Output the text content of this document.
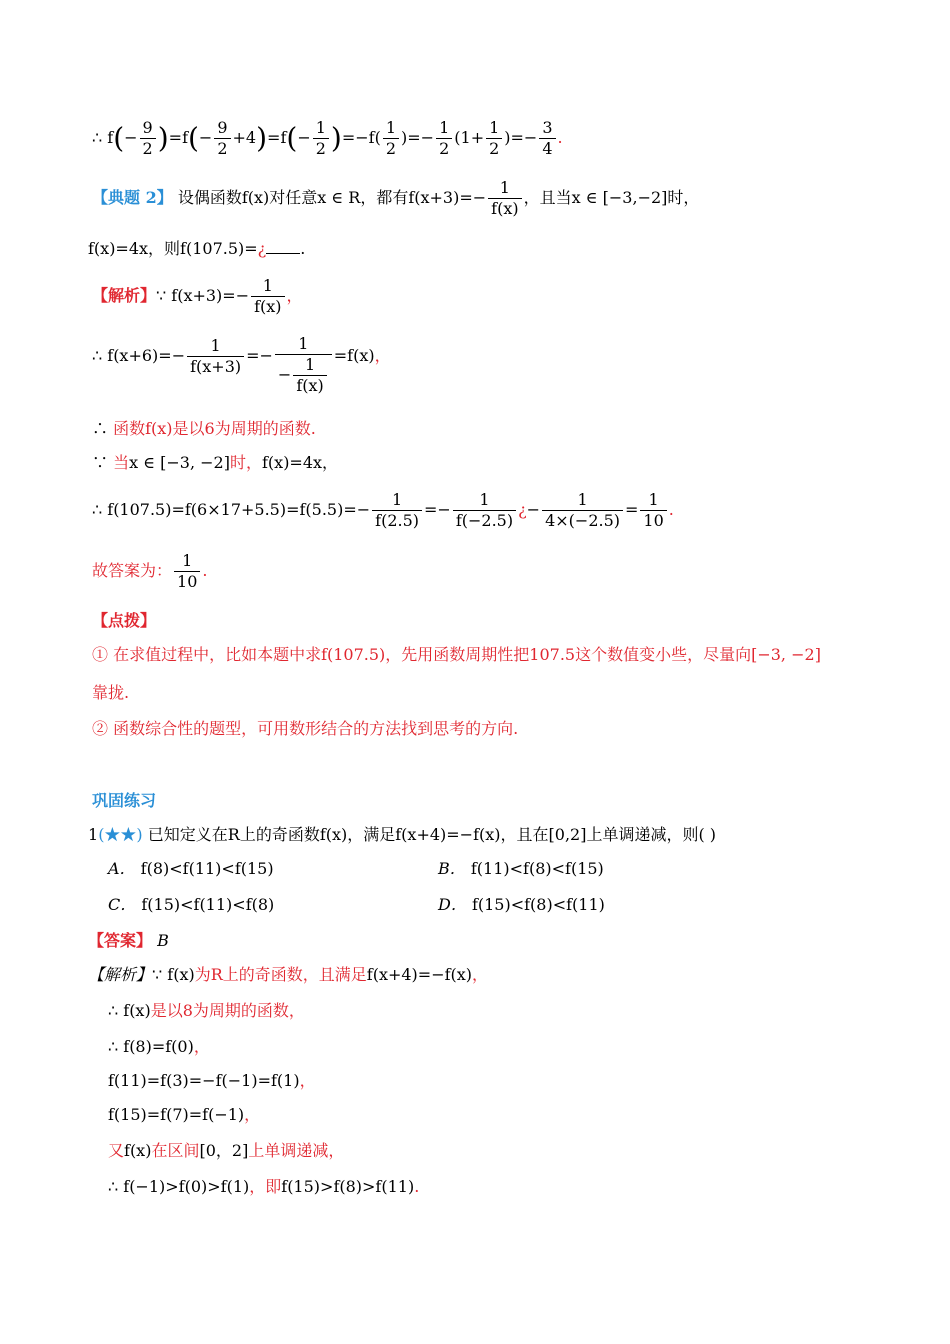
∴ $f(- \frac{9}{2} )=f(- \frac{9}{2} +4)=f(- \frac{1}{2} )=-f( \frac{1}{2}$ )=− $\frac{1}{2} (1+ \frac{1}{2}$ )=− $\frac{3}{4}$ .
【典题 2】 设偶函数f(x)对任意x ∈ R，都有$f(x+3)=- \frac{1}{f(x)}$ ，且当x ∈ [−3,−2]时，
f(x)=4x，则f(107.5)=¿ .
【解析】∵ $f(x+3)=- \frac{1}{f(x)}$ ，
∴ $f(x+6)=- \frac{1}{f(x+3)} =- \frac{1}{- \frac{1}{f(x)}} =f(x)$，
∴ 函数f(x)是以6为周期的函数.
∵ 当x ∈ [−3, −2]时，f(x)=4x，
∴ $f(107.5)=f(6\times 17+5.5)=f(5.5)=- \frac{1}{f(2.5)} =- \frac{1}{f(-2.5)}$ ¿− $\frac{1}{4\times(-2.5)} = \frac{1}{10}$ .
故答案为： $\frac{1}{10}$ .
【点拨】
① 在求值过程中，比如本题中求f(107.5)，先用函数周期性把107.5这个数值变小些，尽量向[−3, −2]
靠拢.
② 函数综合性的题型，可用数形结合的方法找到思考的方向.
巩固练习
1(★★) 已知定义在R上的奇函数f(x)，满足f(x+4)=−f(x)，且在[0,2]上单调递减，则( )
A． f(8)<f(11)<f(15)	B． f(11)<f(8)<f(15)
C． f(15)<f(11)<f(8)	D． f(15)<f(8)<f(11)
【答案】 B
【解析】∵ f(x)为R上的奇函数，且满足f(x+4)=−f(x)，
∴ f(x)是以8为周期的函数，
∴ f(8)=f(0)，
f(11)=f(3)=−f(−1)=f(1)，
f(15)=f(7)=f(−1)，
又f(x)在区间[0，2]上单调递减，
∴ f(−1)>f(0)>f(1)，即f(15)>f(8)>f(11).
